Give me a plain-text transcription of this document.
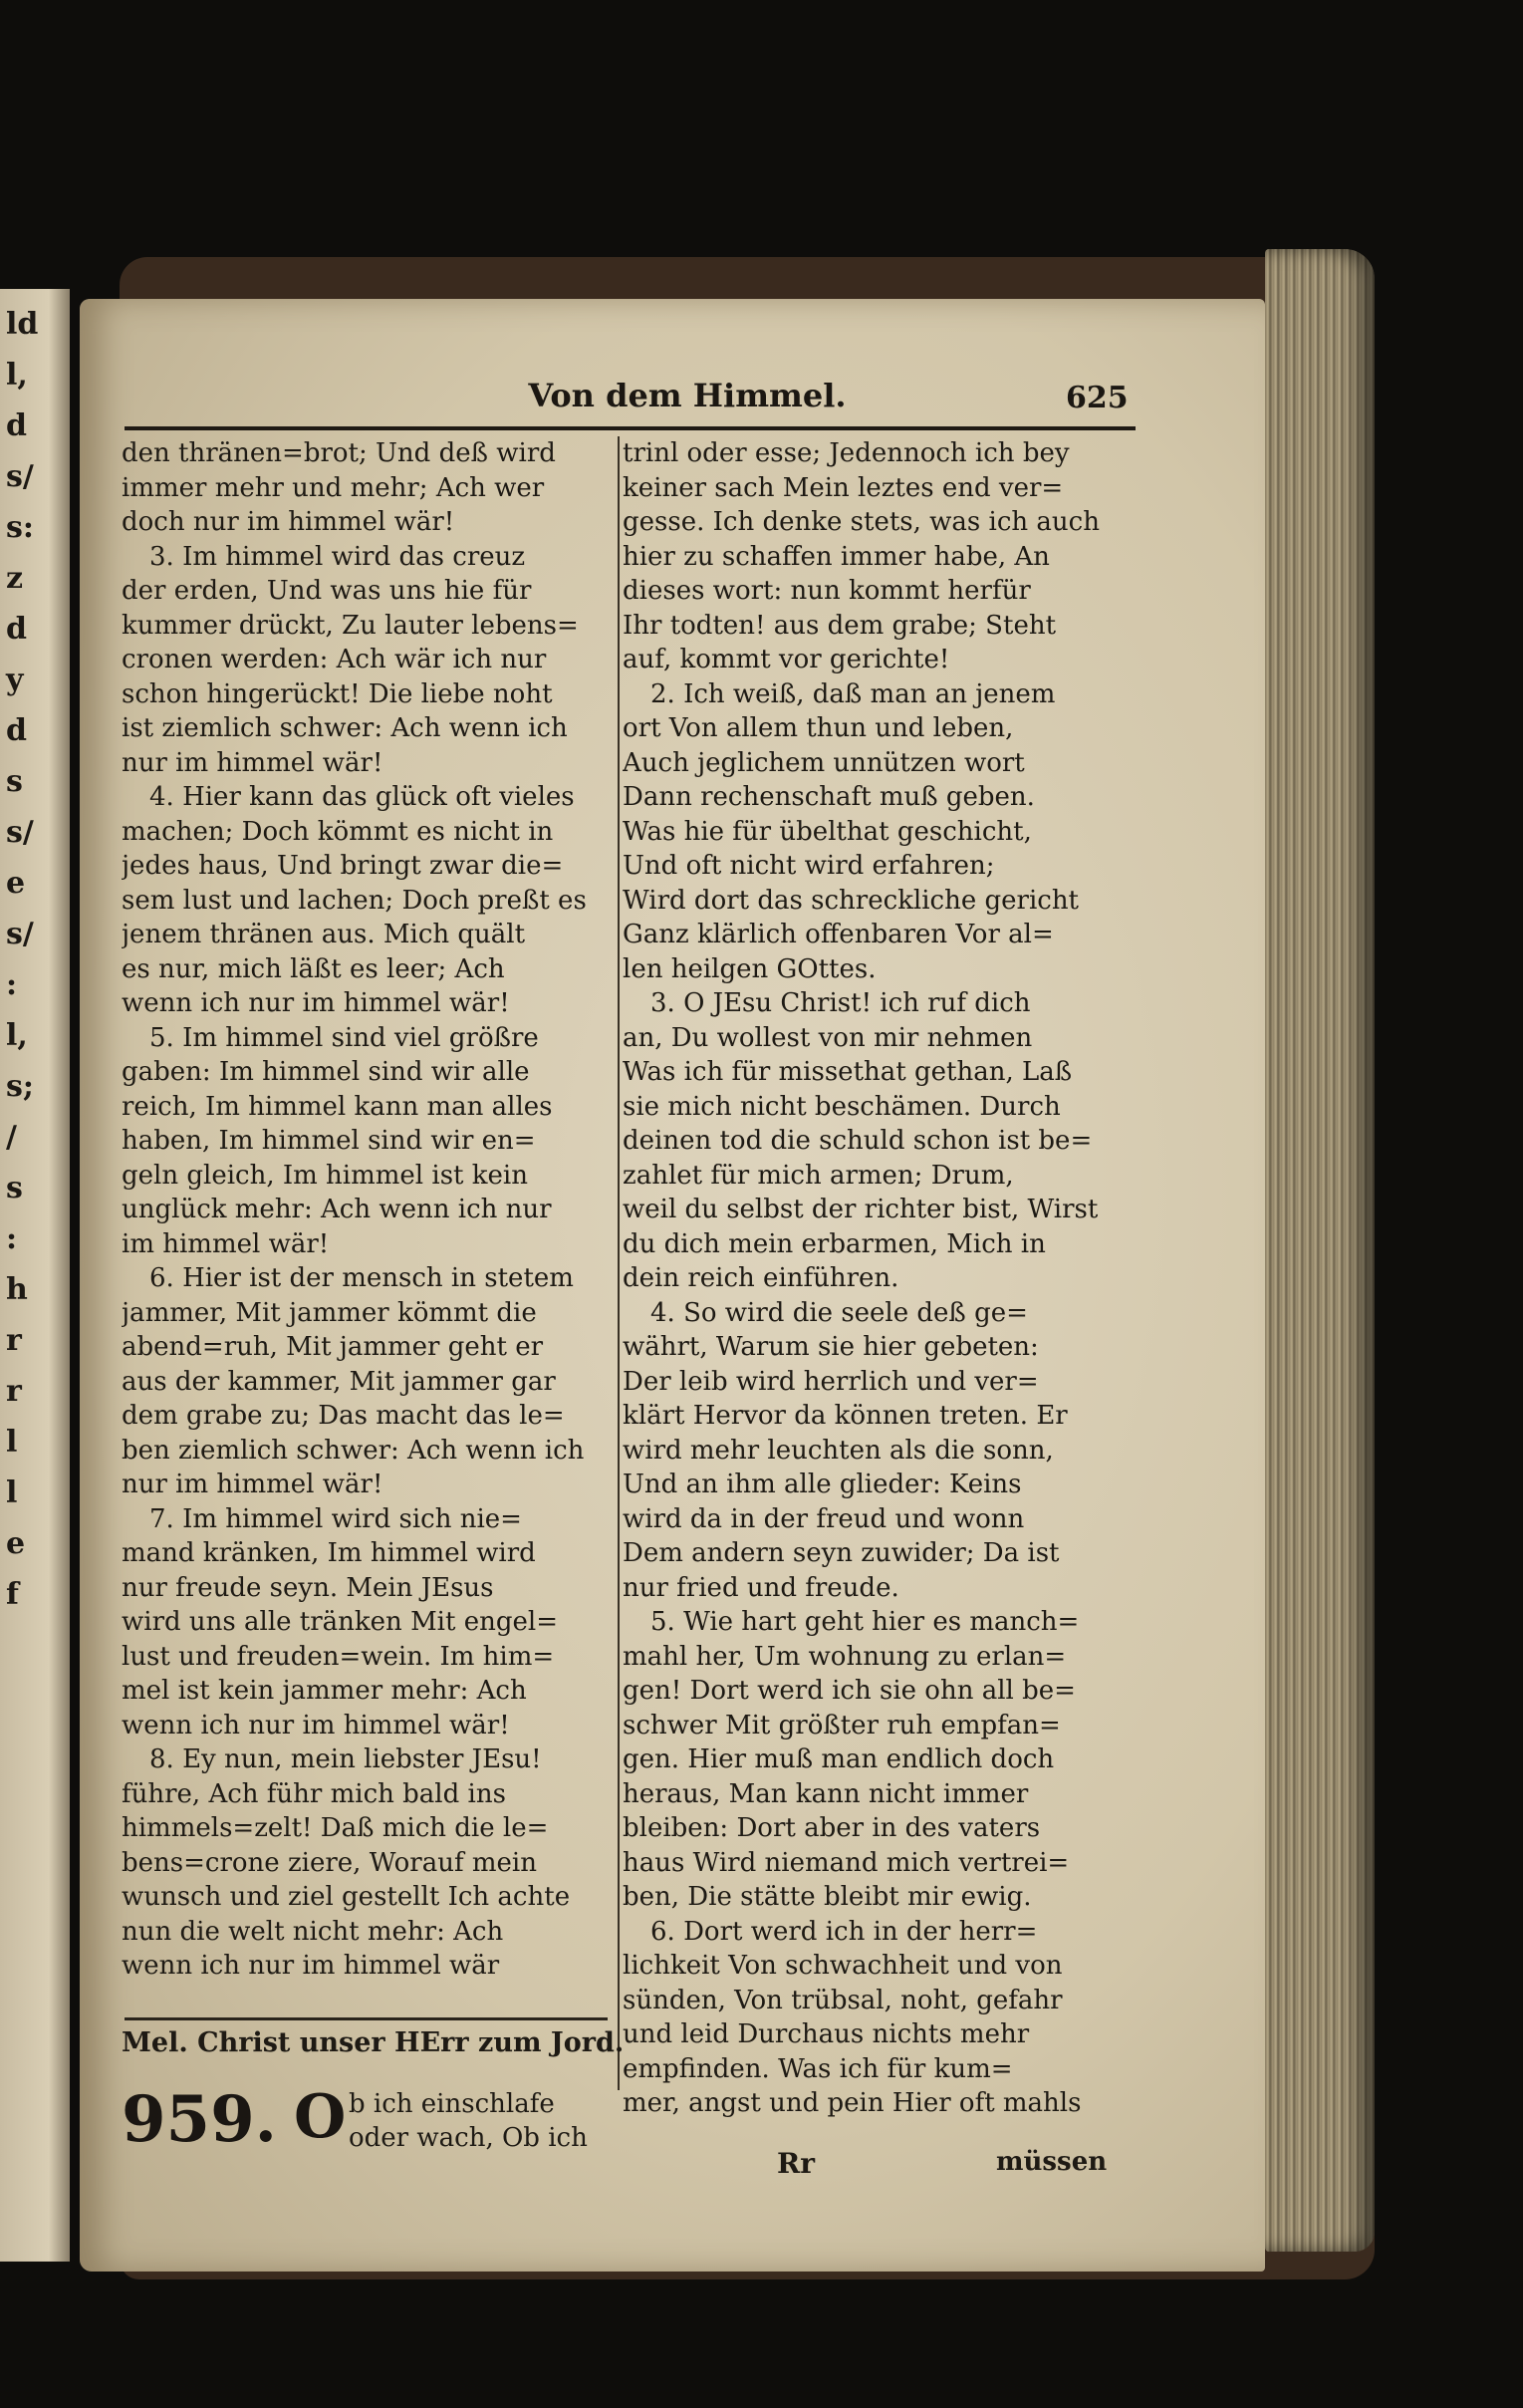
ld
l,
d
s/
s:
z
d
y
d
s
s/
e
s/
:
l,
s;
/
s
:
h
r
r
l
l
e
f
Von dem Himmel.	625
den thränen=brot; Und deß wird
immer mehr und mehr; Ach wer
doch nur im himmel wär!
3. Im himmel wird das creuz
der erden, Und was uns hie für
kummer drückt, Zu lauter lebens=
cronen werden: Ach wär ich nur
schon hingerückt! Die liebe noht
ist ziemlich schwer: Ach wenn ich
nur im himmel wär!
4. Hier kann das glück oft vieles
machen; Doch kömmt es nicht in
jedes haus, Und bringt zwar die=
sem lust und lachen; Doch preßt es
jenem thränen aus. Mich quält
es nur, mich läßt es leer; Ach
wenn ich nur im himmel wär!
5. Im himmel sind viel größre
gaben: Im himmel sind wir alle
reich, Im himmel kann man alles
haben, Im himmel sind wir en=
geln gleich, Im himmel ist kein
unglück mehr: Ach wenn ich nur
im himmel wär!
6. Hier ist der mensch in stetem
jammer, Mit jammer kömmt die
abend=ruh, Mit jammer geht er
aus der kammer, Mit jammer gar
dem grabe zu; Das macht das le=
ben ziemlich schwer: Ach wenn ich
nur im himmel wär!
7. Im himmel wird sich nie=
mand kränken, Im himmel wird
nur freude seyn. Mein JEsus
wird uns alle tränken Mit engel=
lust und freuden=wein. Im him=
mel ist kein jammer mehr: Ach
wenn ich nur im himmel wär!
8. Ey nun, mein liebster JEsu!
führe, Ach führ mich bald ins
himmels=zelt! Daß mich die le=
bens=crone ziere, Worauf mein
wunsch und ziel gestellt Ich achte
nun die welt nicht mehr: Ach
wenn ich nur im himmel wär
trinl oder esse; Jedennoch ich bey
keiner sach Mein leztes end ver=
gesse. Ich denke stets, was ich auch
hier zu schaffen immer habe, An
dieses wort: nun kommt herfür
Ihr todten! aus dem grabe; Steht
auf, kommt vor gerichte!
2. Ich weiß, daß man an jenem
ort Von allem thun und leben,
Auch jeglichem unnützen wort
Dann rechenschaft muß geben.
Was hie für übelthat geschicht,
Und oft nicht wird erfahren;
Wird dort das schreckliche gericht
Ganz klärlich offenbaren Vor al=
len heilgen GOttes.
3. O JEsu Christ! ich ruf dich
an, Du wollest von mir nehmen
Was ich für missethat gethan, Laß
sie mich nicht beschämen. Durch
deinen tod die schuld schon ist be=
zahlet für mich armen; Drum,
weil du selbst der richter bist, Wirst
du dich mein erbarmen, Mich in
dein reich einführen.
4. So wird die seele deß ge=
währt, Warum sie hier gebeten:
Der leib wird herrlich und ver=
klärt Hervor da können treten. Er
wird mehr leuchten als die sonn,
Und an ihm alle glieder: Keins
wird da in der freud und wonn
Dem andern seyn zuwider; Da ist
nur fried und freude.
5. Wie hart geht hier es manch=
mahl her, Um wohnung zu erlan=
gen! Dort werd ich sie ohn all be=
schwer Mit größter ruh empfan=
gen. Hier muß man endlich doch
heraus, Man kann nicht immer
bleiben: Dort aber in des vaters
haus Wird niemand mich vertrei=
ben, Die stätte bleibt mir ewig.
6. Dort werd ich in der herr=
lichkeit Von schwachheit und von
sünden, Von trübsal, noht, gefahr
und leid Durchaus nichts mehr
empfinden. Was ich für kum=
mer, angst und pein Hier oft mahls
Mel. Christ unser HErr zum Jord.
959. O b ich einschlafe
oder wach, Ob ich
Rr	müssen
